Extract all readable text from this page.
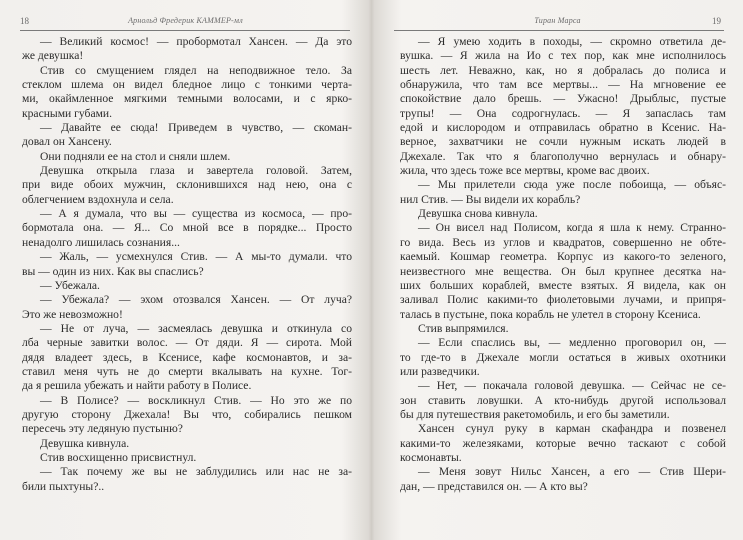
18	Арнольд Фредерик КАММЕР-мл
— Великий космос! — пробормотал Хансен. — Да это
же девушка!
Стив со смущением глядел на неподвижное тело. За
стеклом шлема он видел бледное лицо с тонкими черта-
ми, окаймленное мягкими темными волосами, и с ярко-
красными губами.
— Давайте ее сюда! Приведем в чувство, — скоман-
довал он Хансену.
Они подняли ее на стол и сняли шлем.
Девушка открыла глаза и завертела головой. Затем,
при виде обоих мужчин, склонившихся над нею, она с
облегчением вздохнула и села.
— А я думала, что вы — существа из космоса, — про-
бормотала она. — Я... Со мной все в порядке... Просто
ненадолго лишилась сознания...
— Жаль, — усмехнулся Стив. — А мы-то думали. что
вы — один из них. Как вы спаслись?
— Убежала.
— Убежала? — эхом отозвался Хансен. — От луча?
Это же невозможно!
— Не от луча, — засмеялась девушка и откинула со
лба черные завитки волос. — От дяди. Я — сирота. Мой
дядя владеет здесь, в Ксенисе, кафе космонавтов, и за-
ставил меня чуть не до смерти вкалывать на кухне. Тог-
да я решила убежать и найти работу в Полисе.
— В Полисе? — воскликнул Стив. — Но это же по
другую сторону Джехала! Вы что, собирались пешком
пересечь эту ледяную пустыню?
Девушка кивнула.
Стив восхищенно присвистнул.
— Так почему же вы не заблудились или нас не за-
били пыхтуны?..
Тиран Марса	19
— Я умею ходить в походы, — скромно ответила де-
вушка. — Я жила на Ио с тех пор, как мне исполнилось
шесть лет. Неважно, как, но я добралась до полиса и
обнаружила, что там все мертвы... — На мгновение ее
спокойствие дало брешь. — Ужасно! Дрыблыс, пустые
трупы! — Она содрогнулась. — Я запаслась там
едой и кислородом и отправилась обратно в Ксенис. На-
верное, захватчики не сочли нужным искать людей в
Джехале. Так что я благополучно вернулась и обнару-
жила, что здесь тоже все мертвы, кроме вас двоих.
— Мы прилетели сюда уже после побоища, — объяс-
нил Стив. — Вы видели их корабль?
Девушка снова кивнула.
— Он висел над Полисом, когда я шла к нему. Странно-
го вида. Весь из углов и квадратов, совершенно не обте-
каемый. Кошмар геометра. Корпус из какого-то зеленого,
неизвестного мне вещества. Он был крупнее десятка на-
ших больших кораблей, вместе взятых. Я видела, как он
заливал Полис какими-то фиолетовыми лучами, и припря-
талась в пустыне, пока корабль не улетел в сторону Ксениса.
Стив выпрямился.
— Если спаслись вы, — медленно проговорил он, —
то где-то в Джехале могли остаться в живых охотники
или разведчики.
— Нет, — покачала головой девушка. — Сейчас не се-
зон ставить ловушки. А кто-нибудь другой использовал
бы для путешествия ракетомобиль, и его бы заметили.
Хансен сунул руку в карман скафандра и позвенел
какими-то железяками, которые вечно таскают с собой
космонавты.
— Меня зовут Нильс Хансен, а его — Стив Шери-
дан, — представился он. — А кто вы?
